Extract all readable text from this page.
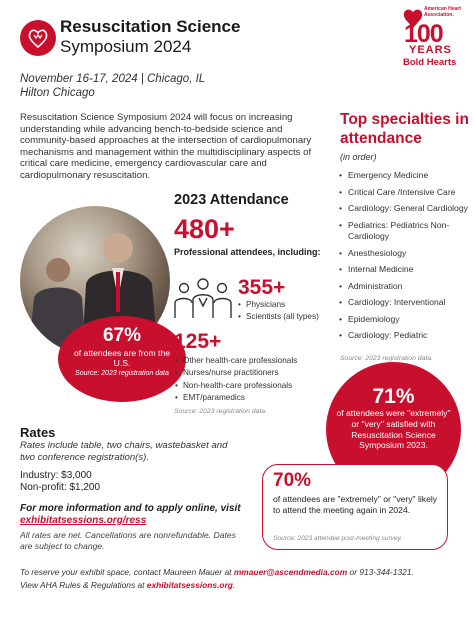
Resuscitation Science
Symposium 2024
American Heart Association.
100
YEARS
Bold Hearts
November 16-17, 2024 | Chicago, IL
Hilton Chicago
Resuscitation Science Symposium 2024 will focus on increasing understanding while advancing bench-to-bedside science and community-based approaches at the intersection of cardiopulmonary mechanisms and management within the multidisciplinary aspects of critical care medicine, emergency cardiovascular care and cardiopulmonary resuscitation.
Top specialties in attendance
(in order)
• Emergency Medicine
• Critical Care /Intensive Care
• Cardiology: General Cardiology
• Pediatrics: Pediatrics Non-Cardiology
• Anesthesiology
• Internal Medicine
• Administration
• Cardiology: Interventional
• Epidemiology
• Cardiology: Pediatric
Source: 2023 registration data.
67%
of attendees are from the U.S.
Source: 2023 registration data
2023 Attendance
480+
Professional attendees, including:
355+
• Physicians
• Scientists (all types)
125+
• Other health-care professionals
• Nurses/nurse practitioners
• Non-health-care professionals
• EMT/paramedics
Source: 2023 registration data.
Rates
Rates include table, two chairs, wastebasket and two conference registration(s).
Industry: $3,000
Non-profit: $1,200
For more information and to apply online, visit exhibitatsessions.org/ress
All rates are net. Cancellations are nonrefundable. Dates are subject to change.
71%
of attendees were "extremely" or "very" satisfied with Resuscitation Science Symposium 2023.
70%
of attendees are "extremely" or "very" likely to attend the meeting again in 2024.
Source: 2023 attendee post-meeting survey.
To reserve your exhibit space, contact Maureen Mauer at mmauer@ascendmedia.com or 913-344-1321.
View AHA Rules & Regulations at exhibitatsessions.org.
